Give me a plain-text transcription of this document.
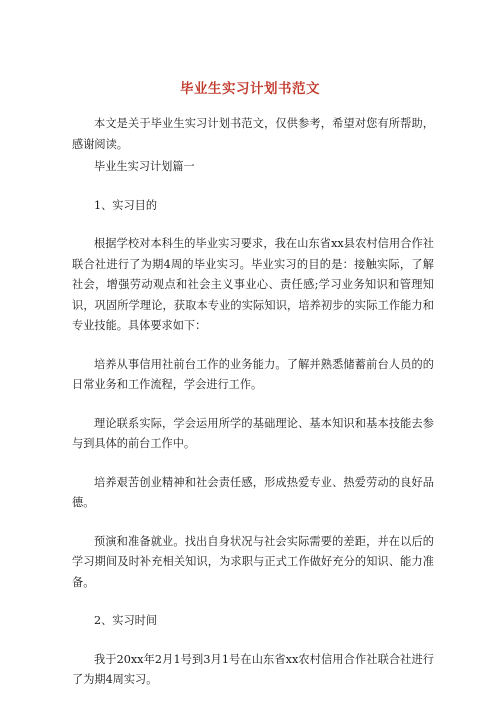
毕业生实习计划书范文

本文是关于毕业生实习计划书范文，仅供参考，希望对您有所帮助，感谢阅读。

毕业生实习计划篇一

1、实习目的

根据学校对本科生的毕业实习要求，我在山东省xx县农村信用合作社联合社进行了为期4周的毕业实习。毕业实习的目的是：接触实际，了解社会，增强劳动观点和社会主义事业心、责任感;学习业务知识和管理知识，巩固所学理论，获取本专业的实际知识，培养初步的实际工作能力和专业技能。具体要求如下：

培养从事信用社前台工作的业务能力。了解并熟悉储蓄前台人员的的日常业务和工作流程，学会进行工作。

理论联系实际，学会运用所学的基础理论、基本知识和基本技能去参与到具体的前台工作中。

培养艰苦创业精神和社会责任感，形成热爱专业、热爱劳动的良好品德。

预演和准备就业。找出自身状况与社会实际需要的差距，并在以后的学习期间及时补充相关知识，为求职与正式工作做好充分的知识、能力准备。

2、实习时间

我于20xx年2月1号到3月1号在山东省xx农村信用合作社联合社进行了为期4周实习。
